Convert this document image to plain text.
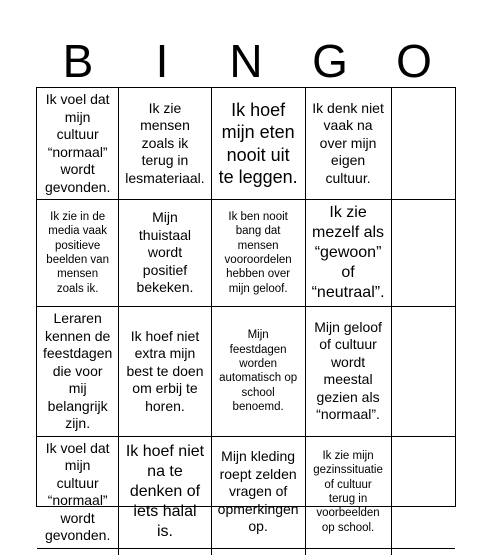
B	I	N	G	O
Ik voel dat mijn cultuur “normaal” wordt gevonden.
Ik zie mensen zoals ik terug in lesmateriaal.
Ik hoef mijn eten nooit uit te leggen.
Ik denk niet vaak na over mijn eigen cultuur.
Ik zie in de media vaak positieve beelden van mensen zoals ik.
Mijn thuistaal wordt positief bekeken.
Ik ben nooit bang dat mensen vooroordelen hebben over mijn geloof.
Ik zie mezelf als “gewoon” of “neutraal”.
Leraren kennen de feestdagen die voor mij belangrijk zijn.
Ik hoef niet extra mijn best te doen om erbij te horen.
Mijn feestdagen worden automatisch op school benoemd.
Mijn geloof of cultuur wordt meestal gezien als “normaal”.
Ik voel dat mijn cultuur “normaal” wordt gevonden.
Ik hoef niet na te denken of iets halal is.
Mijn kleding roept zelden vragen of opmerkingen op.
Ik zie mijn gezinssituatie of cultuur terug in voorbeelden op school.
